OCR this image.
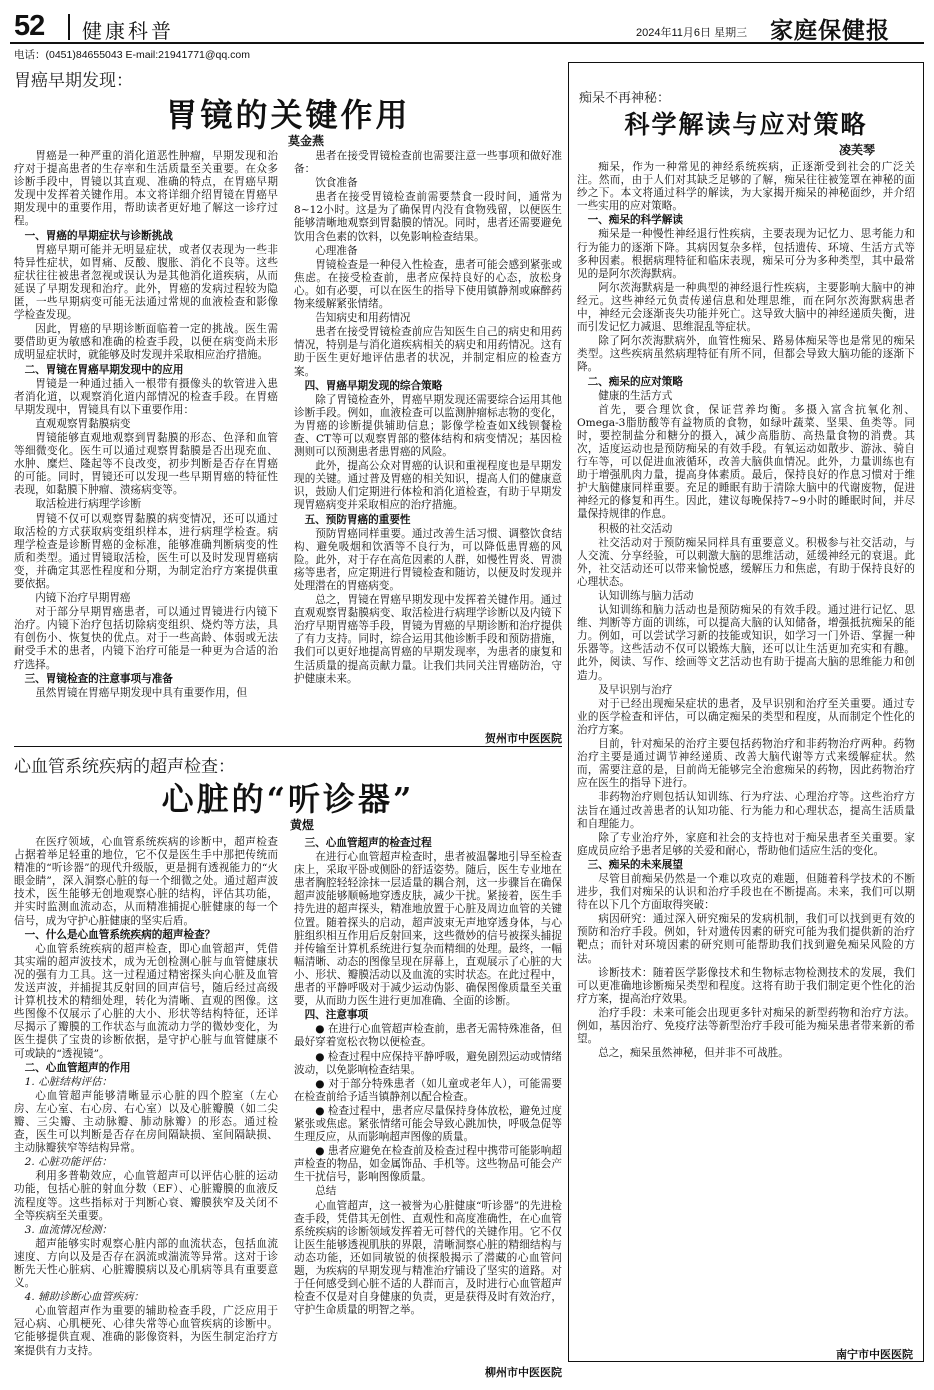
52 健康科普	2024年11月6日 星期三 家庭保健报
电话：(0451)84655043 E-mail:21941771@qq.com
胃癌早期发现：
胃镜的关键作用
莫金燕

胃癌是一种严重的消化道恶性肿瘤，早期发现和治疗对于提高患者的生存率和生活质量至关重要。在众多诊断手段中，胃镜以其直观、准确的特点，在胃癌早期发现中发挥着关键作用。本文将详细介绍胃镜在胃癌早期发现中的重要作用，帮助读者更好地了解这一诊疗过程。

一、胃癌的早期症状与诊断挑战

胃癌早期可能并无明显症状，或者仅表现为一些非特异性症状，如胃痛、反酸、腹胀、消化不良等。这些症状往往被患者忽视或误认为是其他消化道疾病，从而延误了早期发现和治疗。此外，胃癌的发病过程较为隐匿，一些早期病变可能无法通过常规的血液检查和影像学检查发现。

因此，胃癌的早期诊断面临着一定的挑战。医生需要借助更为敏感和准确的检查手段，以便在病变尚未形成明显症状时，就能够及时发现并采取相应治疗措施。

二、胃镜在胃癌早期发现中的应用

胃镜是一种通过插入一根带有摄像头的软管进入患者消化道，以观察消化道内部情况的检查手段。在胃癌早期发现中，胃镜具有以下重要作用：

直观观察胃黏膜病变

胃镜能够直观地观察到胃黏膜的形态、色泽和血管等细微变化。医生可以通过观察胃黏膜是否出现充血、水肿、糜烂、隆起等不良改变，初步判断是否存在胃癌的可能。同时，胃镜还可以发现一些早期胃癌的特征性表现，如黏膜下肿瘤、溃疡病变等。

取活检进行病理学诊断

胃镜不仅可以观察胃黏膜的病变情况，还可以通过取活检的方式获取病变组织样本，进行病理学检查。病理学检查是诊断胃癌的金标准，能够准确判断病变的性质和类型。通过胃镜取活检，医生可以及时发现胃癌病变，并确定其恶性程度和分期，为制定治疗方案提供重要依据。

内镜下治疗早期胃癌

对于部分早期胃癌患者，可以通过胃镜进行内镜下治疗。内镜下治疗包括切除病变组织、烧灼等方法，具有创伤小、恢复快的优点。对于一些高龄、体弱或无法耐受手术的患者，内镜下治疗可能是一种更为合适的治疗选择。

三、胃镜检查的注意事项与准备

虽然胃镜在胃癌早期发现中具有重要作用，但

患者在接受胃镜检查前也需要注意一些事项和做好准备：

饮食准备

患者在接受胃镜检查前需要禁食一段时间，通常为8~12小时。这是为了确保胃内没有食物残留，以便医生能够清晰地观察到胃黏膜的情况。同时，患者还需要避免饮用含色素的饮料，以免影响检查结果。

心理准备

胃镜检查是一种侵入性检查，患者可能会感到紧张或焦虑。在接受检查前，患者应保持良好的心态，放松身心。如有必要，可以在医生的指导下使用镇静剂或麻醉药物来缓解紧张情绪。

告知病史和用药情况

患者在接受胃镜检查前应告知医生自己的病史和用药情况，特别是与消化道疾病相关的病史和用药情况。这有助于医生更好地评估患者的状况，并制定相应的检查方案。

四、胃癌早期发现的综合策略

除了胃镜检查外，胃癌早期发现还需要综合运用其他诊断手段。例如，血液检查可以监测肿瘤标志物的变化，为胃癌的诊断提供辅助信息；影像学检查如X线钡餐检查、CT等可以观察胃部的整体结构和病变情况；基因检测则可以预测患者患胃癌的风险。

此外，提高公众对胃癌的认识和重视程度也是早期发现的关键。通过普及胃癌的相关知识，提高人们的健康意识，鼓励人们定期进行体检和消化道检查，有助于早期发现胃癌病变并采取相应的治疗措施。

五、预防胃癌的重要性

预防胃癌同样重要。通过改善生活习惯、调整饮食结构、避免吸烟和饮酒等不良行为，可以降低患胃癌的风险。此外，对于存在高危因素的人群，如慢性胃炎、胃溃疡等患者，应定期进行胃镜检查和随访，以便及时发现并处理潜在的胃癌病变。

总之，胃镜在胃癌早期发现中发挥着关键作用。通过直观观察胃黏膜病变、取活检进行病理学诊断以及内镜下治疗早期胃癌等手段，胃镜为胃癌的早期诊断和治疗提供了有力支持。同时，综合运用其他诊断手段和预防措施，我们可以更好地提高胃癌的早期发现率，为患者的康复和生活质量的提高贡献力量。让我们共同关注胃癌防治，守护健康未来。

贺州市中医医院
心血管系统疾病的超声检查：
心脏的“听诊器”
黄煜

在医疗领域，心血管系统疾病的诊断中，超声检查占据着举足轻重的地位，它不仅是医生手中那把传统而精准的“听诊器”的现代升级版，更是拥有透视能力的“火眼金睛”，深入洞察心脏的每一个细微之处。通过超声波技术，医生能够无创地观察心脏的结构，评估其功能，并实时监测血流动态，从而精准捕捉心脏健康的每一个信号，成为守护心脏健康的坚实后盾。

一、什么是心血管系统疾病的超声检查？

心血管系统疾病的超声检查，即心血管超声，凭借其实端的超声波技术，成为无创检测心脏与血管健康状况的强有力工具。这一过程通过精密探头向心脏及血管发送声波，并捕捉其反射回的回声信号，随后经过高级计算机技术的精细处理，转化为清晰、直观的图像。这些图像不仅展示了心脏的大小、形状等结构特征，还详尽揭示了瓣膜的工作状态与血流动力学的微妙变化，为医生提供了宝贵的诊断依据，是守护心脏与血管健康不可或缺的“透视镜”。

二、心血管超声的作用

1. 心脏结构评估：

心血管超声能够清晰显示心脏的四个腔室（左心房、左心室、右心房、右心室）以及心脏瓣膜（如二尖瓣、三尖瓣、主动脉瓣、肺动脉瓣）的形态。通过检查，医生可以判断是否存在房间隔缺损、室间隔缺损、主动脉瓣狭窄等结构异常。

2. 心脏功能评估：

利用多普勒效应，心血管超声可以评估心脏的运动功能，包括心脏的射血分数（EF）、心脏瓣膜的血液反流程度等。这些指标对于判断心衰、瓣膜狭窄及关闭不全等疾病至关重要。

3. 血流情况检测：

超声能够实时观察心脏内部的血流状态，包括血流速度、方向以及是否存在涡流或湍流等异常。这对于诊断先天性心脏病、心脏瓣膜病以及心肌病等具有重要意义。

4. 辅助诊断心血管疾病：

心血管超声作为重要的辅助检查手段，广泛应用于冠心病、心肌梗死、心律失常等心血管疾病的诊断中。它能够提供直观、准确的影像资料，为医生制定治疗方案提供有力支持。

三、心血管超声的检查过程

在进行心血管超声检查时，患者被温馨地引导至检查床上，采取平卧或侧卧的舒适姿势。随后，医生专业地在患者胸腔轻轻涂抹一层适量的耦合剂，这一步骤旨在确保超声波能够顺畅地穿透皮肤，减少干扰。紧接着，医生手持先进的超声探头，精准地放置于心脏及周边血管的关键位置。随着探头的启动，超声波束无声地穿透身体，与心脏组织相互作用后反射回来，这些微妙的信号被探头捕捉并传输至计算机系统进行复杂而精细的处理。最终，一幅幅清晰、动态的图像呈现在屏幕上，直观展示了心脏的大小、形状、瓣膜活动以及血流的实时状态。在此过程中，患者的平静呼吸对于减少运动伪影、确保图像质量至关重要，从而助力医生进行更加准确、全面的诊断。

四、注意事项

● 在进行心血管超声检查前，患者无需特殊准备，但最好穿着宽松衣物以便检查。

● 检查过程中应保持平静呼吸，避免剧烈运动或情绪波动，以免影响检查结果。

● 对于部分特殊患者（如儿童或老年人），可能需要在检查前给予适当镇静剂以配合检查。

● 检查过程中，患者应尽量保持身体放松，避免过度紧张或焦虑。紧张情绪可能会导致心跳加快，呼吸急促等生理反应，从而影响超声图像的质量。

● 患者应避免在检查前及检查过程中携带可能影响超声检查的物品，如金属饰品、手机等。这些物品可能会产生干扰信号，影响图像质量。

总结

心血管超声，这一被誉为心脏健康“听诊器”的先进检查手段，凭借其无创性、直观性和高度准确性，在心血管系统疾病的诊断领域发挥着无可替代的关键作用。它不仅让医生能够透视肌肤的界限，清晰洞察心脏的精细结构与动态功能，还如同敏锐的侦探般揭示了潜藏的心血管问题，为疾病的早期发现与精准治疗铺设了坚实的道路。对于任何感受到心脏不适的人群而言，及时进行心血管超声检查不仅是对自身健康的负责，更是获得及时有效治疗，守护生命质量的明智之举。

柳州市中医医院
痴呆不再神秘：
科学解读与应对策略
凌芙琴

痴呆，作为一种常见的神经系统疾病，正逐渐受到社会的广泛关注。然而，由于人们对其缺乏足够的了解，痴呆往往被笼罩在神秘的面纱之下。本文将通过科学的解读，为大家揭开痴呆的神秘面纱，并介绍一些实用的应对策略。

一、痴呆的科学解读

痴呆是一种慢性神经退行性疾病，主要表现为记忆力、思考能力和行为能力的逐渐下降。其病因复杂多样，包括遗传、环境、生活方式等多种因素。根据病理特征和临床表现，痴呆可分为多种类型，其中最常见的是阿尔茨海默病。

阿尔茨海默病是一种典型的神经退行性疾病，主要影响大脑中的神经元。这些神经元负责传递信息和处理思维，而在阿尔茨海默病患者中，神经元会逐渐丧失功能并死亡。这导致大脑中的神经递质失衡，进而引发记忆力减退、思维混乱等症状。

除了阿尔茨海默病外，血管性痴呆、路易体痴呆等也是常见的痴呆类型。这些疾病虽然病理特征有所不同，但都会导致大脑功能的逐渐下降。

二、痴呆的应对策略

健康的生活方式

首先，要合理饮食，保证营养均衡。多摄入富含抗氧化剂、Omega-3脂肪酸等有益物质的食物，如绿叶蔬菜、坚果、鱼类等。同时，要控制盐分和糖分的摄入，减少高脂肪、高热量食物的消费。其次，适度运动也是预防痴呆的有效手段。有氧运动如散步、游泳、骑自行车等，可以促进血液循环，改善大脑供血情况。此外，力量训练也有助于增强肌肉力量，提高身体素质。最后，保持良好的作息习惯对于维护大脑健康同样重要。充足的睡眠有助于清除大脑中的代谢废物，促进神经元的修复和再生。因此，建议每晚保持7~9小时的睡眠时间，并尽量保持规律的作息。

积极的社交活动

社交活动对于预防痴呆同样具有重要意义。积极参与社交活动，与人交流、分享经验，可以刺激大脑的思维活动，延缓神经元的衰退。此外，社交活动还可以带来愉悦感，缓解压力和焦虑，有助于保持良好的心理状态。

认知训练与脑力活动

认知训练和脑力活动也是预防痴呆的有效手段。通过进行记忆、思维、判断等方面的训练，可以提高大脑的认知储备，增强抵抗痴呆的能力。例如，可以尝试学习新的技能或知识，如学习一门外语、掌握一种乐器等。这些活动不仅可以锻炼大脑，还可以让生活更加充实和有趣。此外，阅读、写作、绘画等文艺活动也有助于提高大脑的思维能力和创造力。

及早识别与治疗

对于已经出现痴呆症状的患者，及早识别和治疗至关重要。通过专业的医学检查和评估，可以确定痴呆的类型和程度，从而制定个性化的治疗方案。

目前，针对痴呆的治疗主要包括药物治疗和非药物治疗两种。药物治疗主要是通过调节神经递质、改善大脑代谢等方式来缓解症状。然而，需要注意的是，目前尚无能够完全治愈痴呆的药物，因此药物治疗应在医生的指导下进行。

非药物治疗则包括认知训练、行为疗法、心理治疗等。这些治疗方法旨在通过改善患者的认知功能、行为能力和心理状态，提高生活质量和自理能力。

除了专业治疗外，家庭和社会的支持也对于痴呆患者至关重要。家庭成员应给予患者足够的关爱和耐心，帮助他们适应生活的变化。

三、痴呆的未来展望

尽管目前痴呆仍然是一个难以攻克的难题，但随着科学技术的不断进步，我们对痴呆的认识和治疗手段也在不断提高。未来，我们可以期待在以下几个方面取得突破：

病因研究：通过深入研究痴呆的发病机制，我们可以找到更有效的预防和治疗手段。例如，针对遗传因素的研究可能为我们提供新的治疗靶点；而针对环境因素的研究则可能帮助我们找到避免痴呆风险的方法。

诊断技术：随着医学影像技术和生物标志物检测技术的发展，我们可以更准确地诊断痴呆类型和程度。这将有助于我们制定更个性化的治疗方案，提高治疗效果。

治疗手段：未来可能会出现更多针对痴呆的新型药物和治疗方法。例如，基因治疗、免疫疗法等新型治疗手段可能为痴呆患者带来新的希望。

总之，痴呆虽然神秘，但并非不可战胜。

南宁市中医医院
